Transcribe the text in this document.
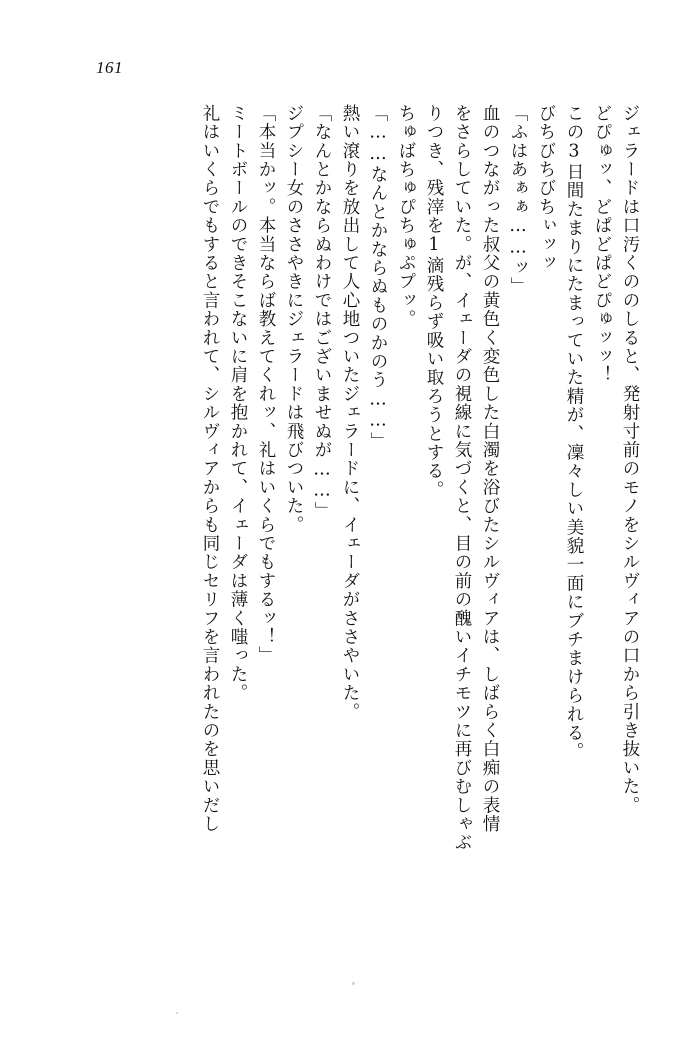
161
ジェラードは口汚くののしると、発射寸前のモノをシルヴィアの口から引き抜いた。
どぴゅッ、どぱどぱどぴゅッッ！
この3日間たまりにたまっていた精が、凜々しい美貌一面にブチまけられる。
びちびちびちぃッッ
「ふはあぁぁ……ッ」
血のつながった叔父の黄色く変色した白濁を浴びたシルヴィアは、しばらく白痴の表情
をさらしていた。が、イェーダの視線に気づくと、目の前の醜いイチモツに再びむしゃぶ
りつき、残滓を1滴残らず吸い取ろうとする。
ちゅばちゅぴちゅぷプッ。
「……なんとかならぬものかのう……」
熱い滾りを放出して人心地ついたジェラードに、イェーダがささやいた。
「なんとかならぬわけではございませぬが……」
ジプシー女のささやきにジェラードは飛びついた。
「本当かッ。本当ならば教えてくれッ、礼はいくらでもするッ！」
ミートボールのできそこないに肩を抱かれて、イェーダは薄く嗤った。
礼はいくらでもすると言われて、シルヴィアからも同じセリフを言われたのを思いだし
